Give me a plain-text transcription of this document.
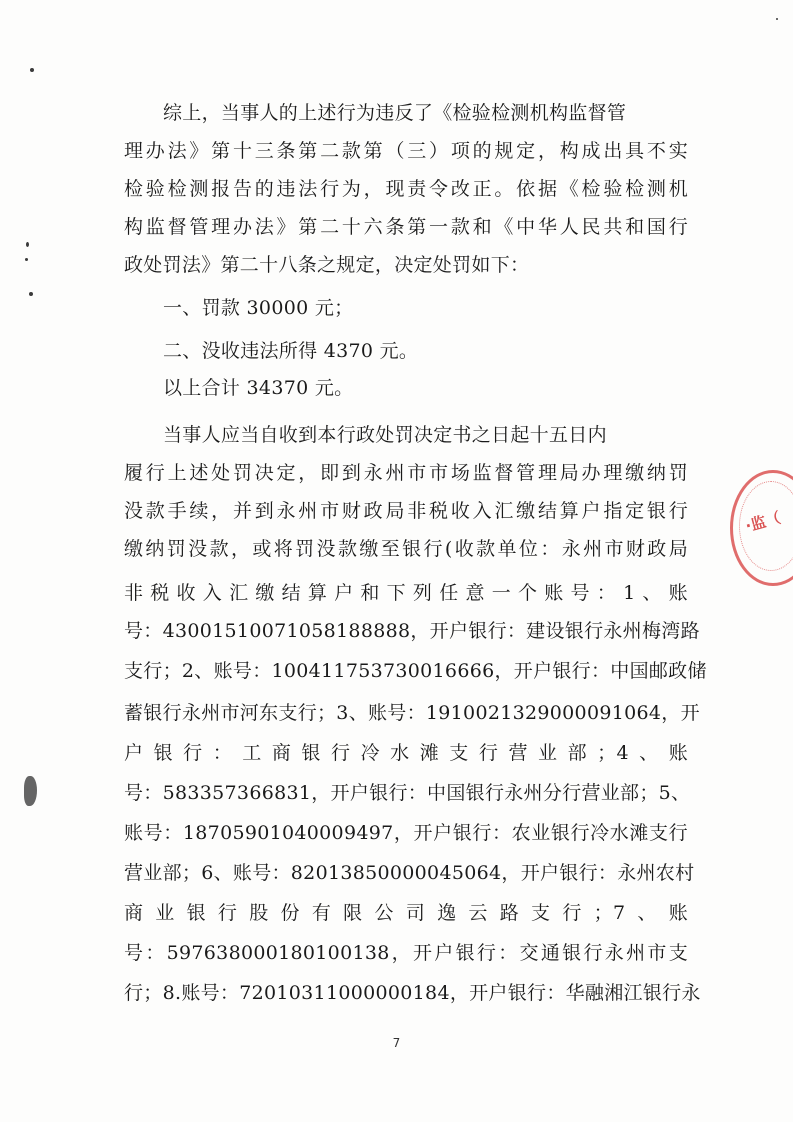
综上，当事人的上述行为违反了《检验检测机构监督管
理办法》第十三条第二款第（三）项的规定，构成出具不实
检验检测报告的违法行为，现责令改正。依据《检验检测机
构监督管理办法》第二十六条第一款和《中华人民共和国行
政处罚法》第二十八条之规定，决定处罚如下：
一、罚款 30000 元；
二、没收违法所得 4370 元。
以上合计 34370 元。
当事人应当自收到本行政处罚决定书之日起十五日内
履行上述处罚决定，即到永州市市场监督管理局办理缴纳罚
没款手续，并到永州市财政局非税收入汇缴结算户指定银行
缴纳罚没款，或将罚没款缴至银行(收款单位：永州市财政局
非税收入汇缴结算户和下列任意一个账号：1、账
号：43001510071058188888，开户银行：建设银行永州梅湾路
支行；2、账号：100411753730016666，开户银行：中国邮政储
蓄银行永州市河东支行；3、账号：1910021329000091064，开
户银行：工商银行冷水滩支行营业部；4、账
号：583357366831，开户银行：中国银行永州分行营业部；5、
账号：18705901040009497，开户银行：农业银行冷水滩支行
营业部；6、账号：82013850000045064，开户银行：永州农村
商业银行股份有限公司逸云路支行；7、账
号：597638000180100138，开户银行：交通银行永州市支
行；8.账号：72010311000000184，开户银行：华融湘江银行永
7
·监（
